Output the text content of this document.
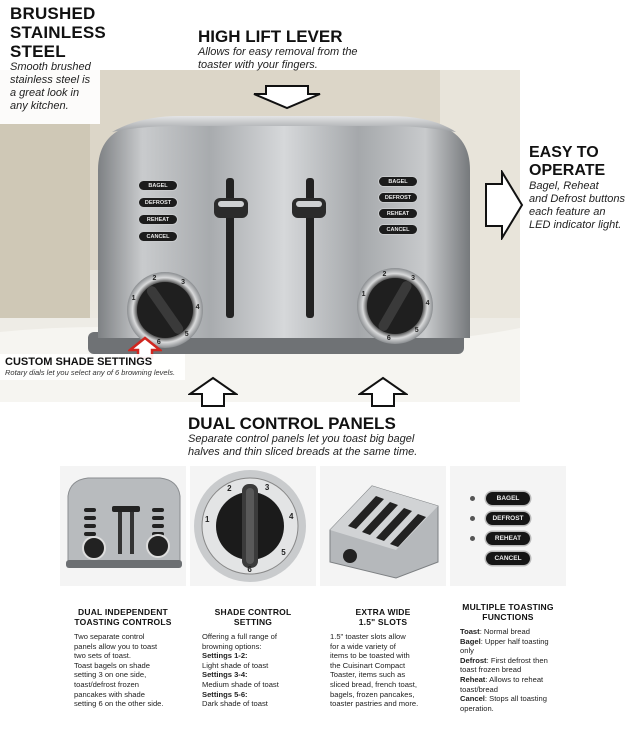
BAGEL
DEFROST
REHEAT
CANCEL
BAGEL
DEFROST
REHEAT
CANCEL
1
2
3
4
5
6
1
2
3
4
5
6
BRUSHED
STAINLESS
STEEL
Smooth brushed
stainless steel is
a great look in
any kitchen.
HIGH LIFT LEVER
Allows for easy removal from the
toaster with your fingers.
EASY TO
OPERATE
Bagel, Reheat
and Defrost buttons
each feature an
LED indicator light.
CUSTOM SHADE SETTINGS
Rotary dials let you select any of 6 browning levels.
DUAL CONTROL PANELS
Separate control panels let you toast big bagel
halves and thin sliced breads at the same time.
DUAL INDEPENDENT
TOASTING CONTROLS
Two separate control
panels allow you to toast
two sets of toast.
Toast bagels on shade
setting 3 on one side,
toast/defrost frozen
pancakes with shade
setting 6 on the other side.
1
2	3
4
5
6
SHADE CONTROL
SETTING
Offering a full range of
browning options:
Settings 1-2:
Light shade of toast
Settings 3-4:
Medium shade of toast
Settings 5-6:
Dark shade of toast
EXTRA WIDE
1.5" SLOTS
1.5" toaster slots allow
for a wide variety of
items to be toasted with
the Cuisinart Compact
Toaster, items such as
sliced bread, french toast,
bagels, frozen pancakes,
toaster pastries and more.
BAGEL
DEFROST
REHEAT
CANCEL
MULTIPLE TOASTING
FUNCTIONS
Toast: Normal bread
Bagel: Upper half toasting
only
Defrost: First defrost then
toast frozen bread
Reheat: Allows to reheat
toast/bread
Cancel: Stops all toasting
operation.
